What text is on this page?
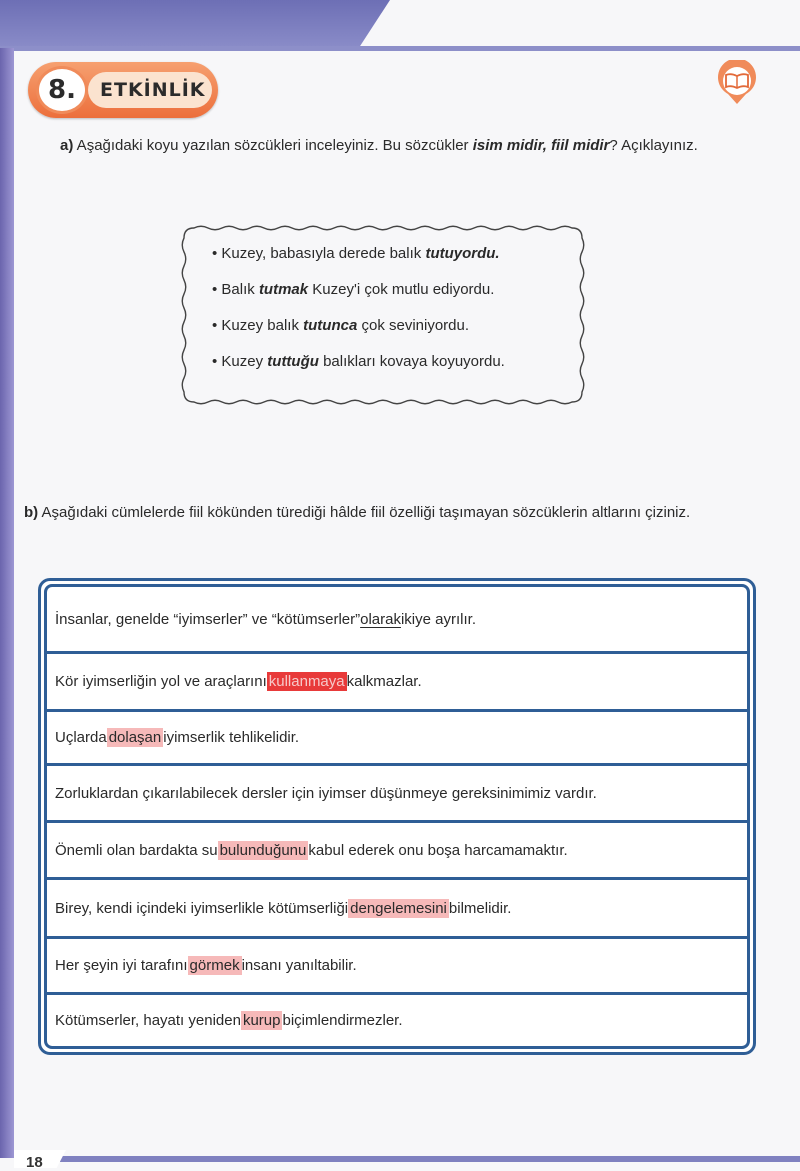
ETKİNLİK
8.
a) Aşağıdaki koyu yazılan sözcükleri inceleyiniz. Bu sözcükler isim midir, fiil midir? Açıklayınız.
• Kuzey, babasıyla derede balık tutuyordu.
• Balık tutmak Kuzey'i çok mutlu ediyordu.
• Kuzey balık tutunca çok seviniyordu.
• Kuzey tuttuğu balıkları kovaya koyuyordu.
b) Aşağıdaki cümlelerde fiil kökünden türediği hâlde fiil özelliği taşımayan sözcüklerin altlarını çiziniz.
İnsanlar, genelde “iyimserler” ve “kötümserler” olarak ikiye ayrılır.
Kör iyimserliğin yol ve araçlarını kullanmaya kalkmazlar.
Uçlarda dolaşan iyimserlik tehlikelidir.
Zorluklardan çıkarılabilecek dersler için iyimser düşünmeye gereksinimimiz vardır.
Önemli olan bardakta su bulunduğunu kabul ederek onu boşa harcamamaktır.
Birey, kendi içindeki iyimserlikle kötümserliği dengelemesini bilmelidir.
Her şeyin iyi tarafını görmek insanı yanıltabilir.
Kötümserler, hayatı yeniden kurup biçimlendirmezler.
18
